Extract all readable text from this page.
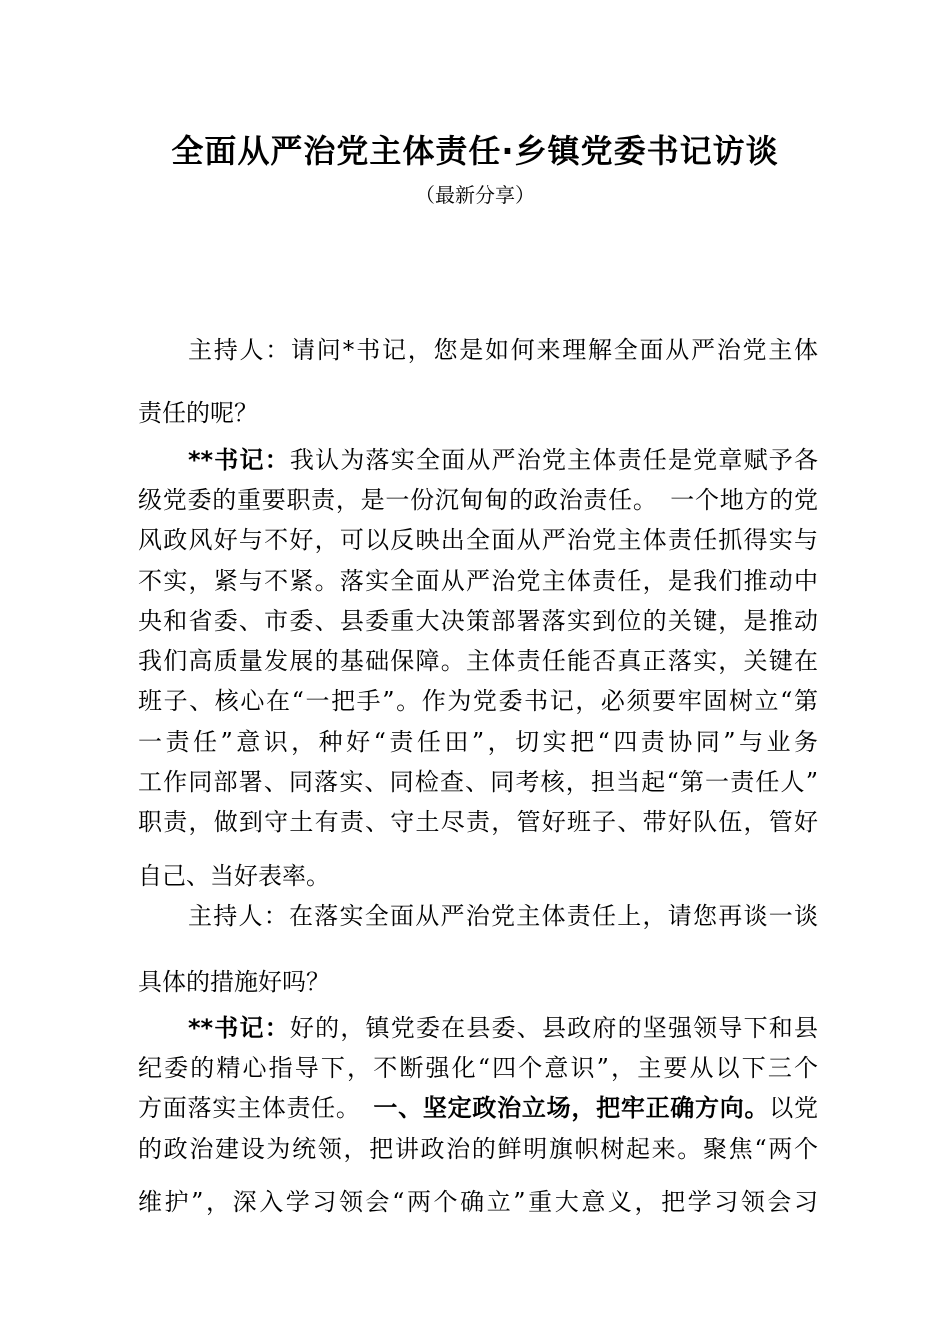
全面从严治党主体责任·乡镇党委书记访谈
（最新分享）
主持人：请问*书记，您是如何来理解全面从严治党主体
责任的呢？
**书记：我认为落实全面从严治党主体责任是党章赋予各
级党委的重要职责，是一份沉甸甸的政治责任。　一个地方的党
风政风好与不好，可以反映出全面从严治党主体责任抓得实与
不实，紧与不紧。落实全面从严治党主体责任，是我们推动中
央和省委、市委、县委重大决策部署落实到位的关键，是推动
我们高质量发展的基础保障。主体责任能否真正落实，关键在
班子、核心在“一把手”。作为党委书记，必须要牢固树立“第
一责任”意识，种好“责任田”，切实把“四责协同”与业务
工作同部署、同落实、同检查、同考核，担当起“第一责任人”
职责，做到守土有责、守土尽责，管好班子、带好队伍，管好
自己、当好表率。
主持人：在落实全面从严治党主体责任上，请您再谈一谈
具体的措施好吗？
**书记：好的，镇党委在县委、县政府的坚强领导下和县
纪委的精心指导下，不断强化“四个意识”，主要从以下三个
方面落实主体责任。　一、坚定政治立场，把牢正确方向。以党
的政治建设为统领，把讲政治的鲜明旗帜树起来。聚焦“两个
维护”，深入学习领会“两个确立”重大意义，把学习领会习
